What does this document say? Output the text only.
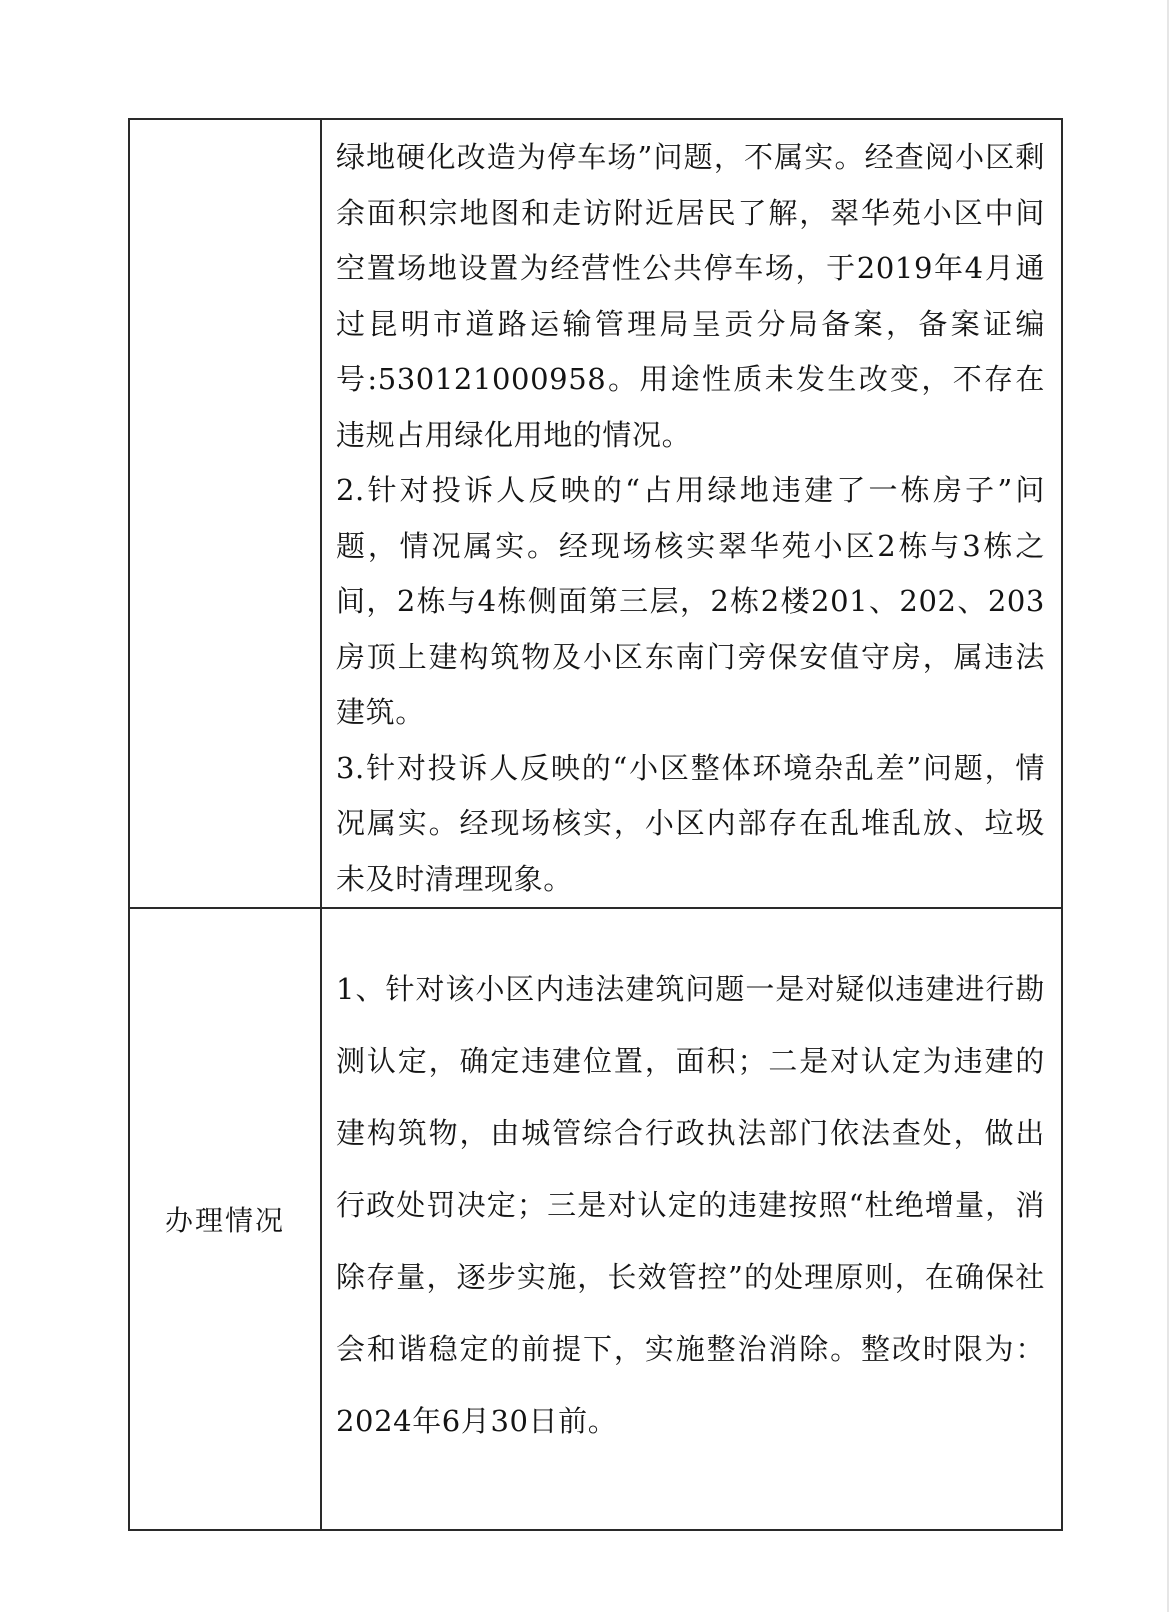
	绿地硬化改造为停车场”问题，不属实。经查阅小区剩余面积宗地图和走访附近居民了解，翠华苑小区中间空置场地设置为经营性公共停车场，于2019年4月通过昆明市道路运输管理局呈贡分局备案，备案证编号:530121000958。用途性质未发生改变，不存在违规占用绿化用地的情况。

2.针对投诉人反映的“占用绿地违建了一栋房子”问题，情况属实。经现场核实翠华苑小区2栋与3栋之间，2栋与4栋侧面第三层，2栋2楼201、202、203房顶上建构筑物及小区东南门旁保安值守房，属违法建筑。

3.针对投诉人反映的“小区整体环境杂乱差”问题，情况属实。经现场核实，小区内部存在乱堆乱放、垃圾未及时清理现象。

办理情况	1、针对该小区内违法建筑问题一是对疑似违建进行勘测认定，确定违建位置，面积；二是对认定为违建的建构筑物，由城管综合行政执法部门依法查处，做出行政处罚决定；三是对认定的违建按照“杜绝增量，消除存量，逐步实施，长效管控”的处理原则，在确保社会和谐稳定的前提下，实施整治消除。整改时限为：2024年6月30日前。
